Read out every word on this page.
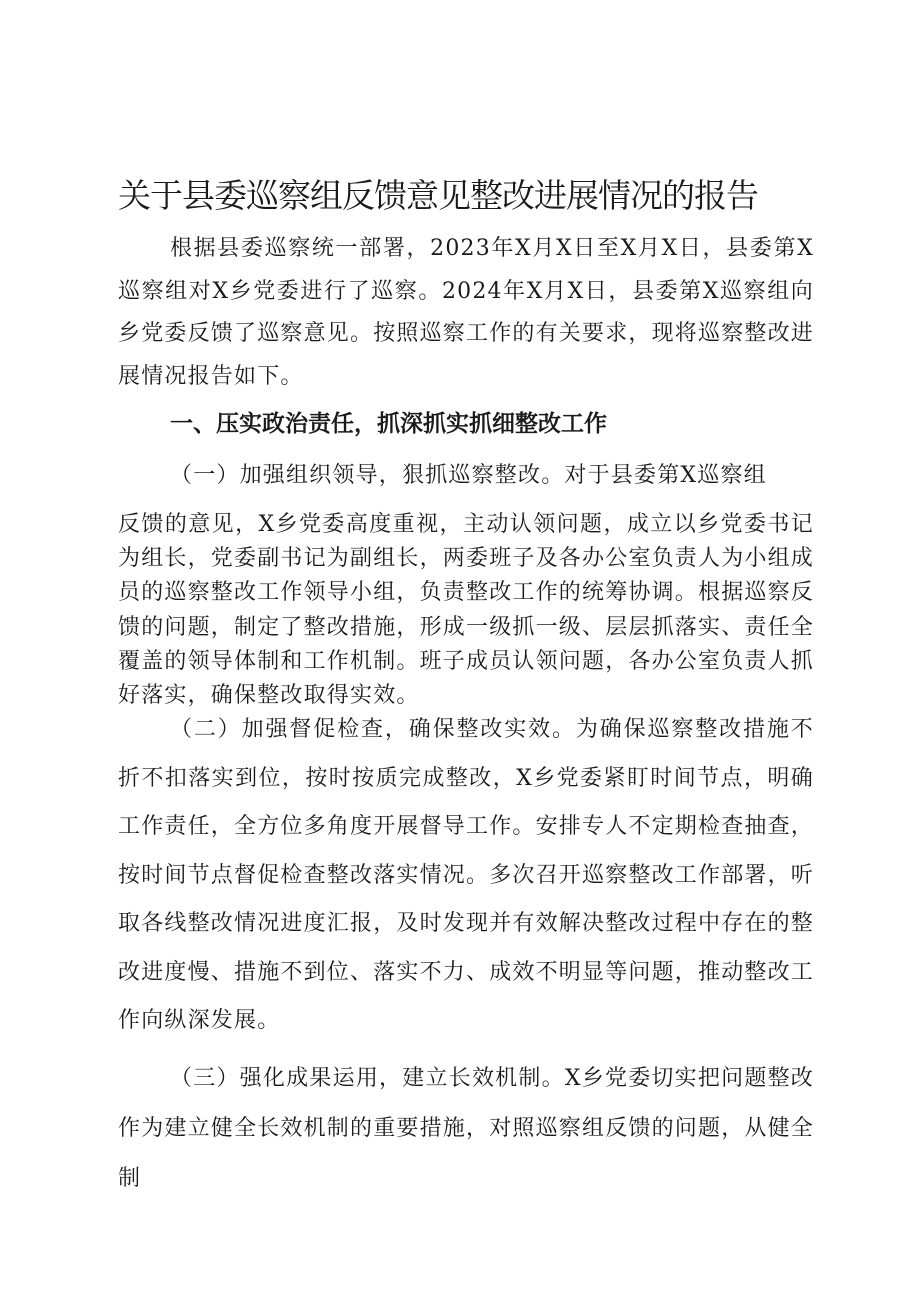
关于县委巡察组反馈意见整改进展情况的报告

根据县委巡察统一部署，2023年X月X日至X月X日，县委第X巡察组对X乡党委进行了巡察。2024年X月X日，县委第X巡察组向乡党委反馈了巡察意见。按照巡察工作的有关要求，现将巡察整改进展情况报告如下。

一、压实政治责任，抓深抓实抓细整改工作

（一）加强组织领导，狠抓巡察整改。对于县委第X巡察组

反馈的意见，X乡党委高度重视，主动认领问题，成立以乡党委书记为组长，党委副书记为副组长，两委班子及各办公室负责人为小组成员的巡察整改工作领导小组，负责整改工作的统筹协调。根据巡察反馈的问题，制定了整改措施，形成一级抓一级、层层抓落实、责任全覆盖的领导体制和工作机制。班子成员认领问题，各办公室负责人抓好落实，确保整改取得实效。

（二）加强督促检查，确保整改实效。为确保巡察整改措施不折不扣落实到位，按时按质完成整改，X乡党委紧盯时间节点，明确工作责任，全方位多角度开展督导工作。安排专人不定期检查抽查，按时间节点督促检查整改落实情况。多次召开巡察整改工作部署，听取各线整改情况进度汇报，及时发现并有效解决整改过程中存在的整改进度慢、措施不到位、落实不力、成效不明显等问题，推动整改工作向纵深发展。

（三）强化成果运用，建立长效机制。X乡党委切实把问题整改作为建立健全长效机制的重要措施，对照巡察组反馈的问题，从健全制
